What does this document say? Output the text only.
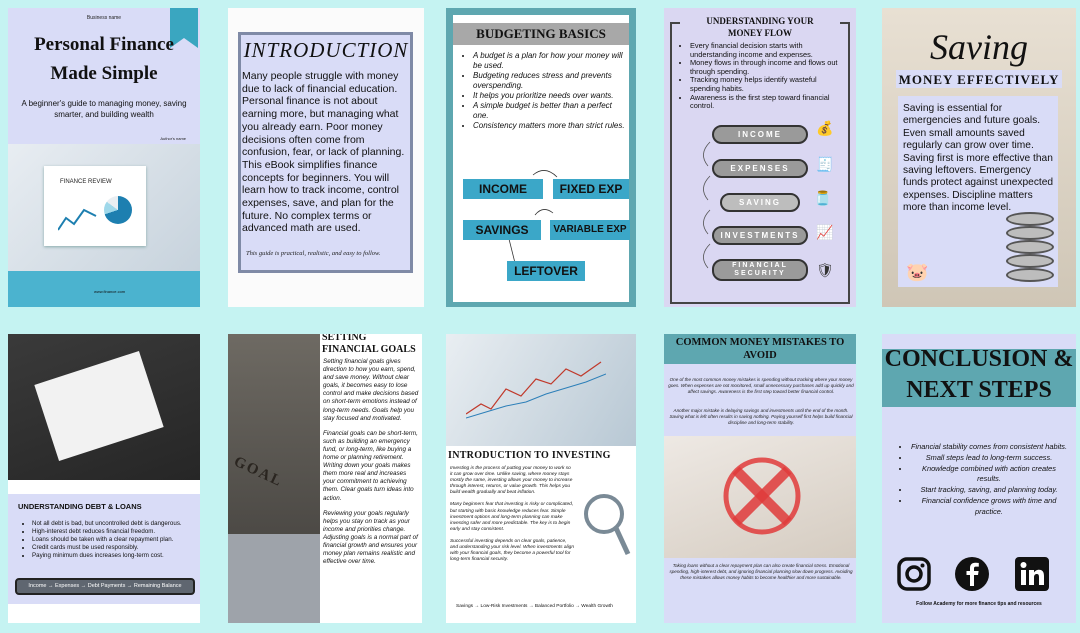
Business name
Personal Finance
Made Simple
A beginner's guide to managing money, saving smarter, and building wealth
Author's name
FINANCE REVIEW
www.finance.com
INTRODUCTION
Many people struggle with money due to lack of financial education. Personal finance is not about earning more, but managing what you already earn. Poor money decisions often come from confusion, fear, or lack of planning. This eBook simplifies finance concepts for beginners. You will learn how to track income, control expenses, save, and plan for the future. No complex terms or advanced math are used.
This guide is practical, realistic, and easy to follow.
BUDGETING BASICS
• A budget is a plan for how your money will be used.
• Budgeting reduces stress and prevents overspending.
• It helps you prioritize needs over wants.
• A simple budget is better than a perfect one.
• Consistency matters more than strict rules.
INCOME	FIXED EXP
SAVINGS	VARIABLE EXP
LEFTOVER
UNDERSTANDING YOUR
MONEY FLOW
• Every financial decision starts with understanding income and expenses.
• Money flows in through income and flows out through spending.
• Tracking money helps identify wasteful spending habits.
• Awareness is the first step toward financial control.
INCOME
EXPENSES
SAVING
INVESTMENTS
FINANCIAL SECURITY
💰
🧾
🫙
📈
🛡
Saving
MONEY EFFECTIVELY
Saving is essential for emergencies and future goals. Even small amounts saved regularly can grow over time. Saving first is more effective than saving leftovers. Emergency funds protect against unexpected expenses. Discipline matters more than income level.
🐷
UNDERSTANDING DEBT & LOANS
• Not all debt is bad, but uncontrolled debt is dangerous.
• High-interest debt reduces financial freedom.
• Loans should be taken with a clear repayment plan.
• Credit cards must be used responsibly.
• Paying minimum dues increases long-term cost.
Income → Expenses → Debt Payments → Remaining Balance
GOAL
SETTING
FINANCIAL GOALS
Setting financial goals gives direction to how you earn, spend, and save money. Without clear goals, it becomes easy to lose control and make decisions based on short-term emotions instead of long-term needs. Goals help you stay focused and motivated.
Financial goals can be short-term, such as building an emergency fund, or long-term, like buying a home or planning retirement. Writing down your goals makes them more real and increases your commitment to achieving them. Clear goals turn ideas into action.
Reviewing your goals regularly helps you stay on track as your income and priorities change. Adjusting goals is a normal part of financial growth and ensures your money plan remains realistic and effective over time.
INTRODUCTION TO INVESTING
Investing is the process of putting your money to work so it can grow over time. Unlike saving, where money stays mostly the same, investing allows your money to increase through interest, returns, or value growth. This helps you build wealth gradually and beat inflation.
Many beginners fear that investing is risky or complicated, but starting with basic knowledge reduces fear. Simple investment options and long-term planning can make investing safer and more predictable. The key is to begin early and stay consistent.
Successful investing depends on clear goals, patience, and understanding your risk level. When investments align with your financial goals, they become a powerful tool for long-term financial security.
Savings → Low-Risk Investments → Balanced Portfolio → Wealth Growth
COMMON MONEY MISTAKES TO
AVOID
One of the most common money mistakes is spending without tracking where your money goes. When expenses are not monitored, small unnecessary purchases add up quickly and affect savings. Awareness is the first step toward better financial control.
Another major mistake is delaying savings and investments until the end of the month. Saving what is left often results in saving nothing. Paying yourself first helps build financial discipline and long-term stability.
Taking loans without a clear repayment plan can also create financial stress. Emotional spending, high-interest debt, and ignoring financial planning slow down progress. Avoiding these mistakes allows money habits to become healthier and more sustainable.
CONCLUSION &
NEXT STEPS
• Financial stability comes from consistent habits.
• Small steps lead to long-term success.
• Knowledge combined with action creates results.
• Start tracking, saving, and planning today.
• Financial confidence grows with time and practice.
Follow Academy for more finance tips and resources
